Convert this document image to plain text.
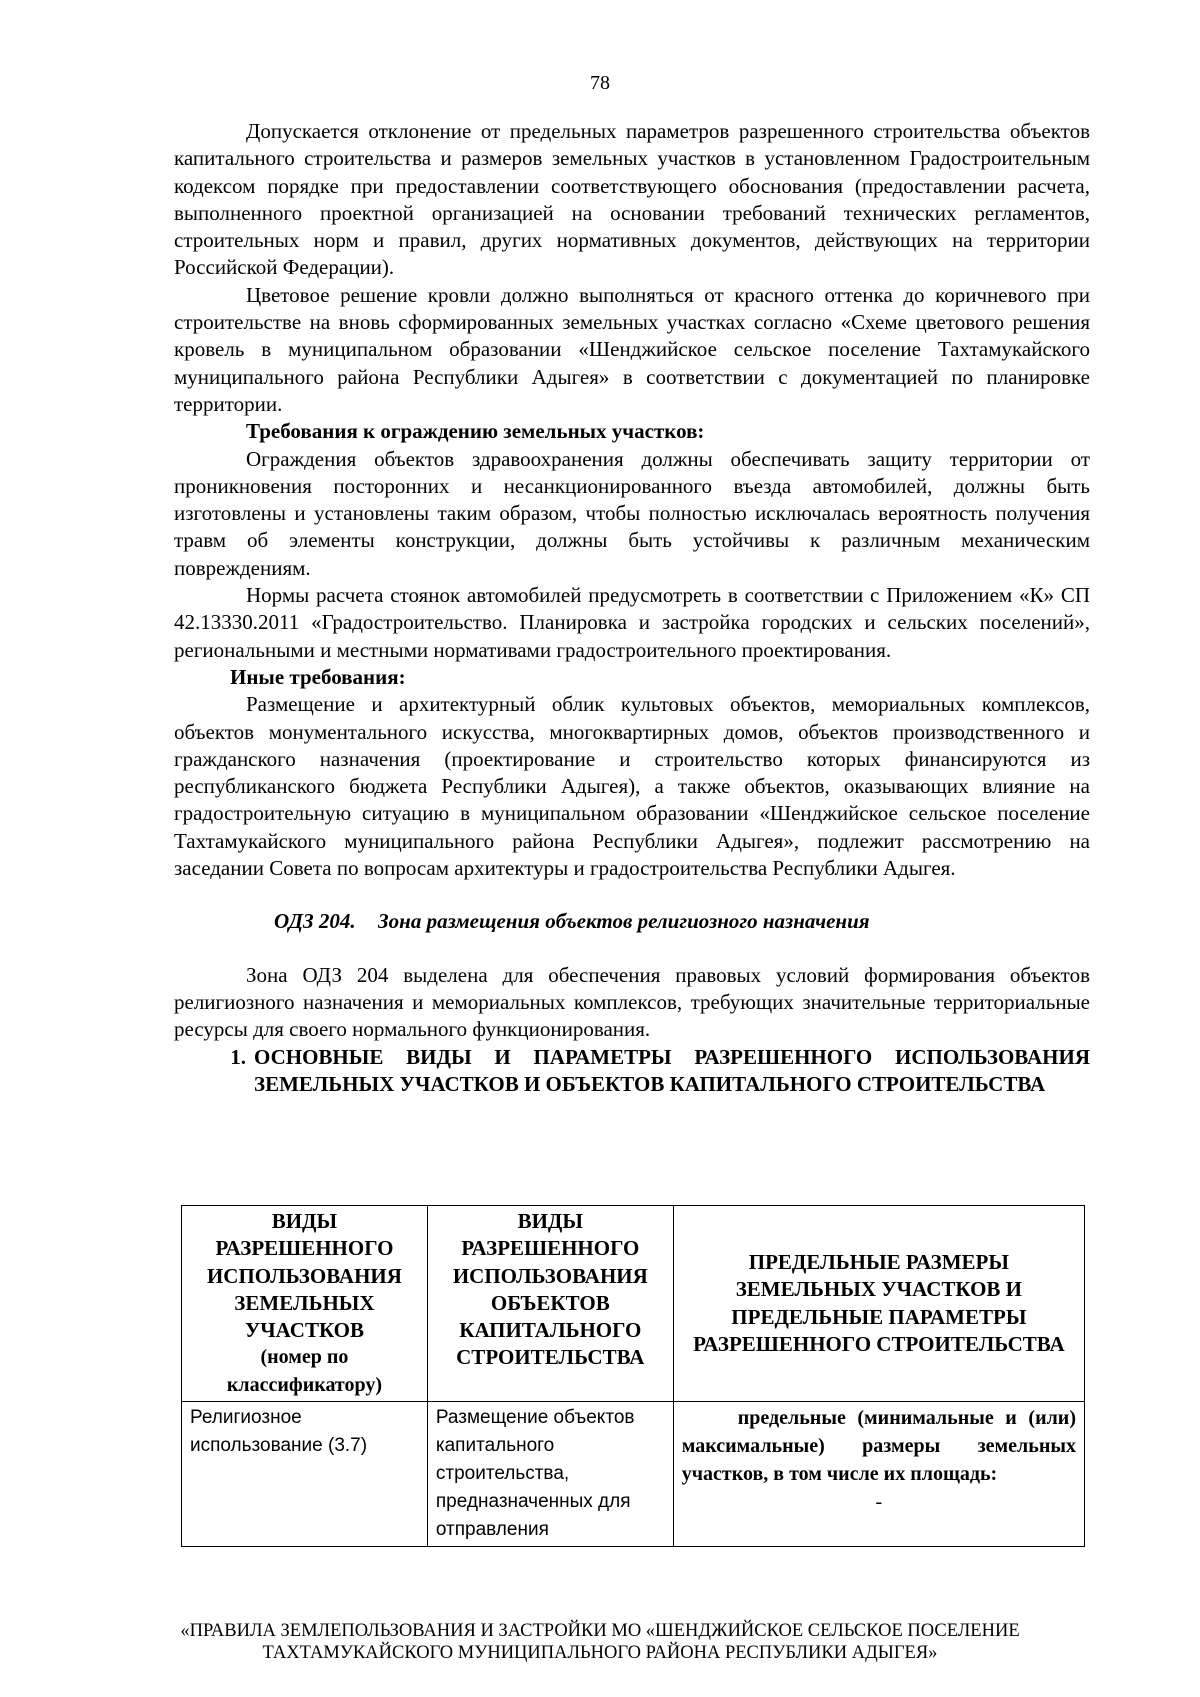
78

Допускается отклонение от предельных параметров разрешенного строительства объектов капитального строительства и размеров земельных участков в установленном Градостроительным кодексом порядке при предоставлении соответствующего обоснования (предоставлении расчета, выполненного проектной организацией на основании требований технических регламентов, строительных норм и правил, других нормативных документов, действующих на территории Российской Федерации).

Цветовое решение кровли должно выполняться от красного оттенка до коричневого при строительстве на вновь сформированных земельных участках согласно «Схеме цветового решения кровель в муниципальном образовании «Шенджийское сельское поселение Тахтамукайского муниципального района Республики Адыгея» в соответствии с документацией по планировке территории.

Требования к ограждению земельных участков:

Ограждения объектов здравоохранения должны обеспечивать защиту территории от проникновения посторонних и несанкционированного въезда автомобилей, должны быть изготовлены и установлены таким образом, чтобы полностью исключалась вероятность получения травм об элементы конструкции, должны быть устойчивы к различным механическим повреждениям.

Нормы расчета стоянок автомобилей предусмотреть в соответствии с Приложением «К» СП 42.13330.2011 «Градостроительство. Планировка и застройка городских и сельских поселений», региональными и местными нормативами градостроительного проектирования.

Иные требования:

Размещение и архитектурный облик культовых объектов, мемориальных комплексов, объектов монументального искусства, многоквартирных домов, объектов производственного и гражданского назначения (проектирование и строительство которых финансируются из республиканского бюджета Республики Адыгея), а также объектов, оказывающих влияние на градостроительную ситуацию в муниципальном образовании «Шенджийское сельское поселение Тахтамукайского муниципального района Республики Адыгея», подлежит рассмотрению на заседании Совета по вопросам архитектуры и градостроительства Республики Адыгея.

ОДЗ 204. Зона размещения объектов религиозного назначения

Зона ОДЗ 204 выделена для обеспечения правовых условий формирования объектов религиозного назначения и мемориальных комплексов, требующих значительные территориальные ресурсы для своего нормального функционирования.

1. ОСНОВНЫЕ ВИДЫ И ПАРАМЕТРЫ РАЗРЕШЕННОГО ИСПОЛЬЗОВАНИЯ ЗЕМЕЛЬНЫХ УЧАСТКОВ И ОБЪЕКТОВ КАПИТАЛЬНОГО СТРОИТЕЛЬСТВА
ВИДЫ РАЗРЕШЕННОГО ИСПОЛЬЗОВАНИЯ ЗЕМЕЛЬНЫХ УЧАСТКОВ
(номер по классификатору)	ВИДЫ РАЗРЕШЕННОГО ИСПОЛЬЗОВАНИЯ ОБЪЕКТОВ КАПИТАЛЬНОГО СТРОИТЕЛЬСТВА	ПРЕДЕЛЬНЫЕ РАЗМЕРЫ ЗЕМЕЛЬНЫХ УЧАСТКОВ И ПРЕДЕЛЬНЫЕ ПАРАМЕТРЫ РАЗРЕШЕННОГО СТРОИТЕЛЬСТВА
Религиозное использование (3.7)	Размещение объектов капитального строительства, предназначенных для отправления	предельные (минимальные и (или) максимальные) размеры земельных участков, в том числе их площадь:
-
«ПРАВИЛА ЗЕМЛЕПОЛЬЗОВАНИЯ И ЗАСТРОЙКИ МО «ШЕНДЖИЙСКОЕ СЕЛЬСКОЕ ПОСЕЛЕНИЕ
ТАХТАМУКАЙСКОГО МУНИЦИПАЛЬНОГО РАЙОНА РЕСПУБЛИКИ АДЫГЕЯ»
